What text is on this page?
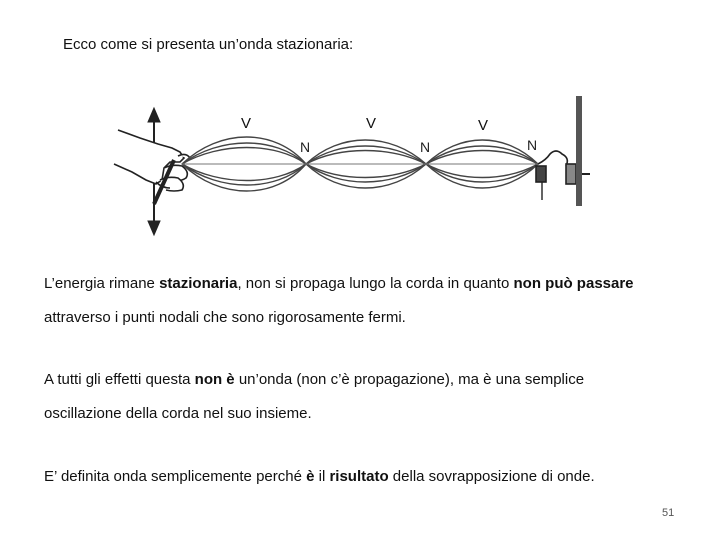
Ecco come si presenta un’onda stazionaria:
V	V	V
N	N	N
L’energia rimane stazionaria, non si propaga lungo la corda in quanto non può passare
attraverso i punti nodali che sono rigorosamente fermi.
A tutti gli effetti questa non è un’onda (non c’è propagazione), ma è una semplice
oscillazione della corda nel suo insieme.
E’ definita onda semplicemente perché è il risultato della sovrapposizione di onde.
51
